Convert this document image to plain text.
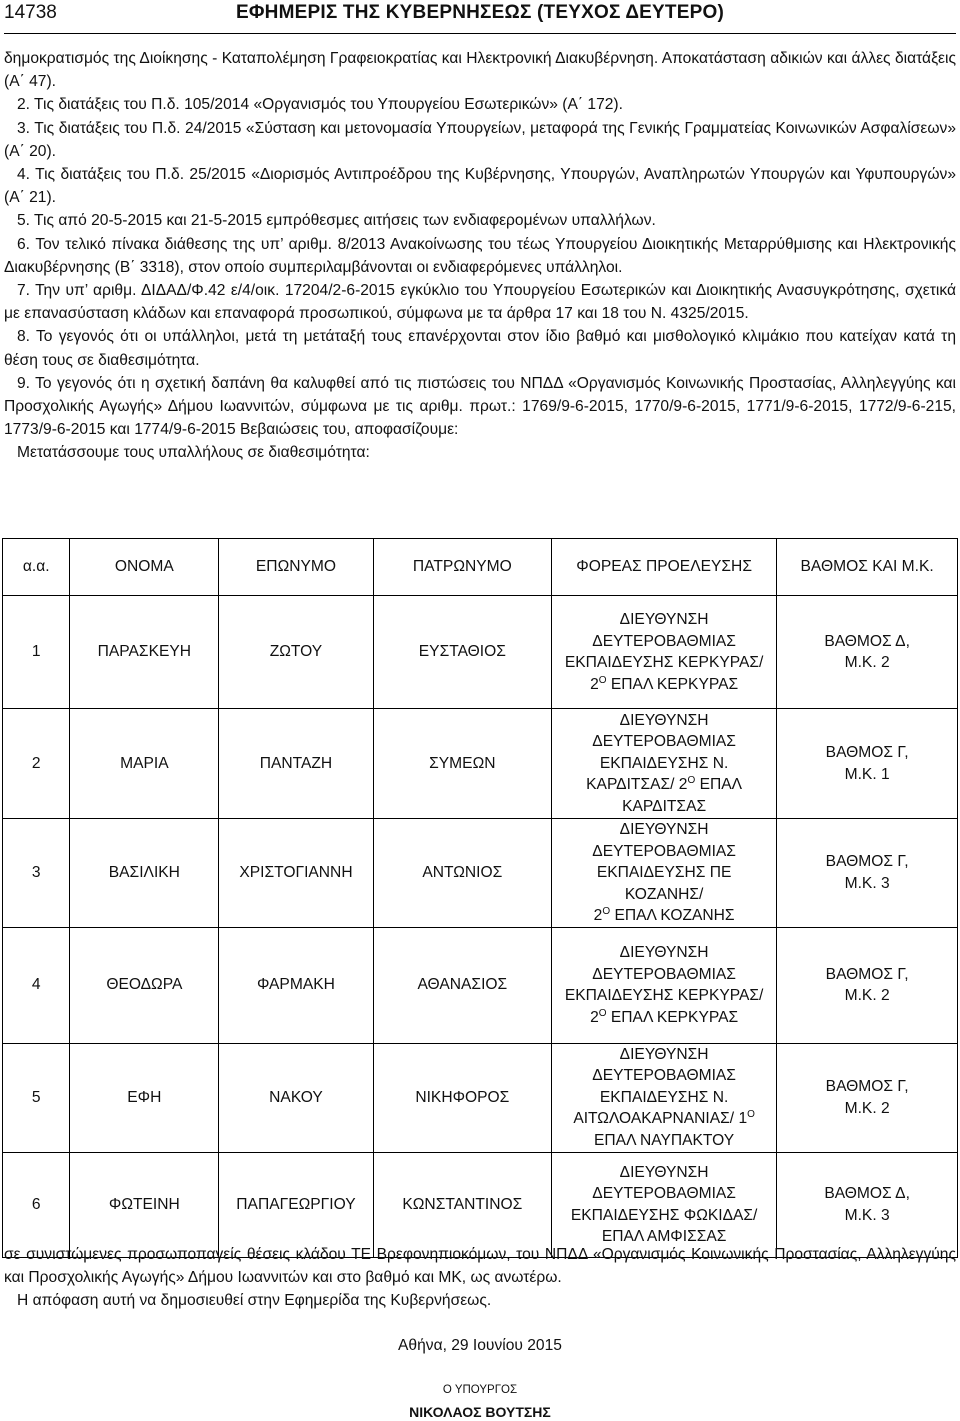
14738	ΕΦΗΜΕΡΙΣ ΤΗΣ ΚΥΒΕΡΝΗΣΕΩΣ (ΤΕΥΧΟΣ ΔΕΥΤΕΡΟ)

δημοκρατισμός της Διοίκησης - Καταπολέμηση Γραφειοκρατίας και Ηλεκτρονική Διακυβέρνηση. Αποκατάσταση αδικιών και άλλες διατάξεις (Α΄ 47).

2. Τις διατάξεις του Π.δ. 105/2014 «Οργανισμός του Υπουργείου Εσωτερικών» (Α΄ 172).

3. Τις διατάξεις του Π.δ. 24/2015 «Σύσταση και μετονομασία Υπουργείων, μεταφορά της Γενικής Γραμματείας Κοινωνικών Ασφαλίσεων» (Α΄ 20).

4. Τις διατάξεις του Π.δ. 25/2015 «Διορισμός Αντιπροέδρου της Κυβέρνησης, Υπουργών, Αναπληρωτών Υπουργών και Υφυπουργών» (Α΄ 21).

5. Τις από 20-5-2015 και 21-5-2015 εμπρόθεσμες αιτήσεις των ενδιαφερομένων υπαλλήλων.

6. Τον τελικό πίνακα διάθεσης της υπ’ αριθμ. 8/2013 Ανακοίνωσης του τέως Υπουργείου Διοικητικής Μεταρρύθμισης και Ηλεκτρονικής Διακυβέρνησης (Β΄ 3318), στον οποίο συμπεριλαμβάνονται οι ενδιαφερόμενες υπάλληλοι.

7. Την υπ’ αριθμ. ΔΙΔΑΔ/Φ.42 ε/4/οικ. 17204/2-6-2015 εγκύκλιο του Υπουργείου Εσωτερικών και Διοικητικής Ανασυγκρότησης, σχετικά με επανασύσταση κλάδων και επαναφορά προσωπικού, σύμφωνα με τα άρθρα 17 και 18 του Ν. 4325/2015.

8. Το γεγονός ότι οι υπάλληλοι, μετά τη μετάταξή τους επανέρχονται στον ίδιο βαθμό και μισθολογικό κλιμάκιο που κατείχαν κατά τη θέση τους σε διαθεσιμότητα.

9. Το γεγονός ότι η σχετική δαπάνη θα καλυφθεί από τις πιστώσεις του ΝΠΔΔ «Οργανισμός Κοινωνικής Προστασίας, Αλληλεγγύης και Προσχολικής Αγωγής» Δήμου Ιωαννιτών, σύμφωνα με τις αριθμ. πρωτ.: 1769/9-6-2015, 1770/9-6-2015, 1771/9-6-2015, 1772/9-6-215, 1773/9-6-2015 και 1774/9-6-2015 Βεβαιώσεις του, αποφασίζουμε:

Μετατάσσουμε τους υπαλλήλους σε διαθεσιμότητα:

α.α.	ΟΝΟΜΑ	ΕΠΩΝΥΜΟ	ΠΑΤΡΩΝΥΜΟ	ΦΟΡΕΑΣ ΠΡΟΕΛΕΥΣΗΣ	ΒΑΘΜΟΣ ΚΑΙ Μ.Κ.
1	ΠΑΡΑΣΚΕΥΗ	ΖΩΤΟΥ	ΕΥΣΤΑΘΙΟΣ	ΔΙΕΥΘΥΝΣΗ
ΔΕΥΤΕΡΟΒΑΘΜΙΑΣ
ΕΚΠΑΙΔΕΥΣΗΣ ΚΕΡΚΥΡΑΣ/
$2^O$ ΕΠΑΛ ΚΕΡΚΥΡΑΣ	ΒΑΘΜΟΣ Δ,
Μ.Κ. 2
2	ΜΑΡΙΑ	ΠΑΝΤΑΖΗ	ΣΥΜΕΩΝ	ΔΙΕΥΘΥΝΣΗ
ΔΕΥΤΕΡΟΒΑΘΜΙΑΣ
ΕΚΠΑΙΔΕΥΣΗΣ Ν.
ΚΑΡΔΙΤΣΑΣ/ $2^O$ ΕΠΑΛ
ΚΑΡΔΙΤΣΑΣ	ΒΑΘΜΟΣ Γ,
Μ.Κ. 1
3	ΒΑΣΙΛΙΚΗ	ΧΡΙΣΤΟΓΙΑΝΝΗ	ΑΝΤΩΝΙΟΣ	ΔΙΕΥΘΥΝΣΗ
ΔΕΥΤΕΡΟΒΑΘΜΙΑΣ
ΕΚΠΑΙΔΕΥΣΗΣ ΠΕ ΚΟΖΑΝΗΣ/
$2^O$ ΕΠΑΛ ΚΟΖΑΝΗΣ	ΒΑΘΜΟΣ Γ,
Μ.Κ. 3
4	ΘΕΟΔΩΡΑ	ΦΑΡΜΑΚΗ	ΑΘΑΝΑΣΙΟΣ	ΔΙΕΥΘΥΝΣΗ
ΔΕΥΤΕΡΟΒΑΘΜΙΑΣ
ΕΚΠΑΙΔΕΥΣΗΣ ΚΕΡΚΥΡΑΣ/
$2^O$ ΕΠΑΛ ΚΕΡΚΥΡΑΣ	ΒΑΘΜΟΣ Γ,
Μ.Κ. 2
5	ΕΦΗ	ΝΑΚΟΥ	ΝΙΚΗΦΟΡΟΣ	ΔΙΕΥΘΥΝΣΗ
ΔΕΥΤΕΡΟΒΑΘΜΙΑΣ
ΕΚΠΑΙΔΕΥΣΗΣ Ν.
ΑΙΤΩΛΟΑΚΑΡΝΑΝΙΑΣ/ $1^O$
ΕΠΑΛ ΝΑΥΠΑΚΤΟΥ	ΒΑΘΜΟΣ Γ,
Μ.Κ. 2
6	ΦΩΤΕΙΝΗ	ΠΑΠΑΓΕΩΡΓΙΟΥ	ΚΩΝΣΤΑΝΤΙΝΟΣ	ΔΙΕΥΘΥΝΣΗ
ΔΕΥΤΕΡΟΒΑΘΜΙΑΣ
ΕΚΠΑΙΔΕΥΣΗΣ ΦΩΚΙΔΑΣ/
ΕΠΑΛ ΑΜΦΙΣΣΑΣ	ΒΑΘΜΟΣ Δ,
Μ.Κ. 3

σε συνιστώμενες προσωποπαγείς θέσεις κλάδου ΤΕ Βρεφονηπιοκόμων, του ΝΠΔΔ «Οργανισμός Κοινωνικής Προστασίας, Αλληλεγγύης και Προσχολικής Αγωγής» Δήμου Ιωαννιτών και στο βαθμό και ΜΚ, ως ανωτέρω.

Η απόφαση αυτή να δημοσιευθεί στην Εφημερίδα της Κυβερνήσεως.

Αθήνα, 29 Ιουνίου 2015
Ο ΥΠΟΥΡΓΟΣ
ΝΙΚΟΛΑΟΣ ΒΟΥΤΣΗΣ
